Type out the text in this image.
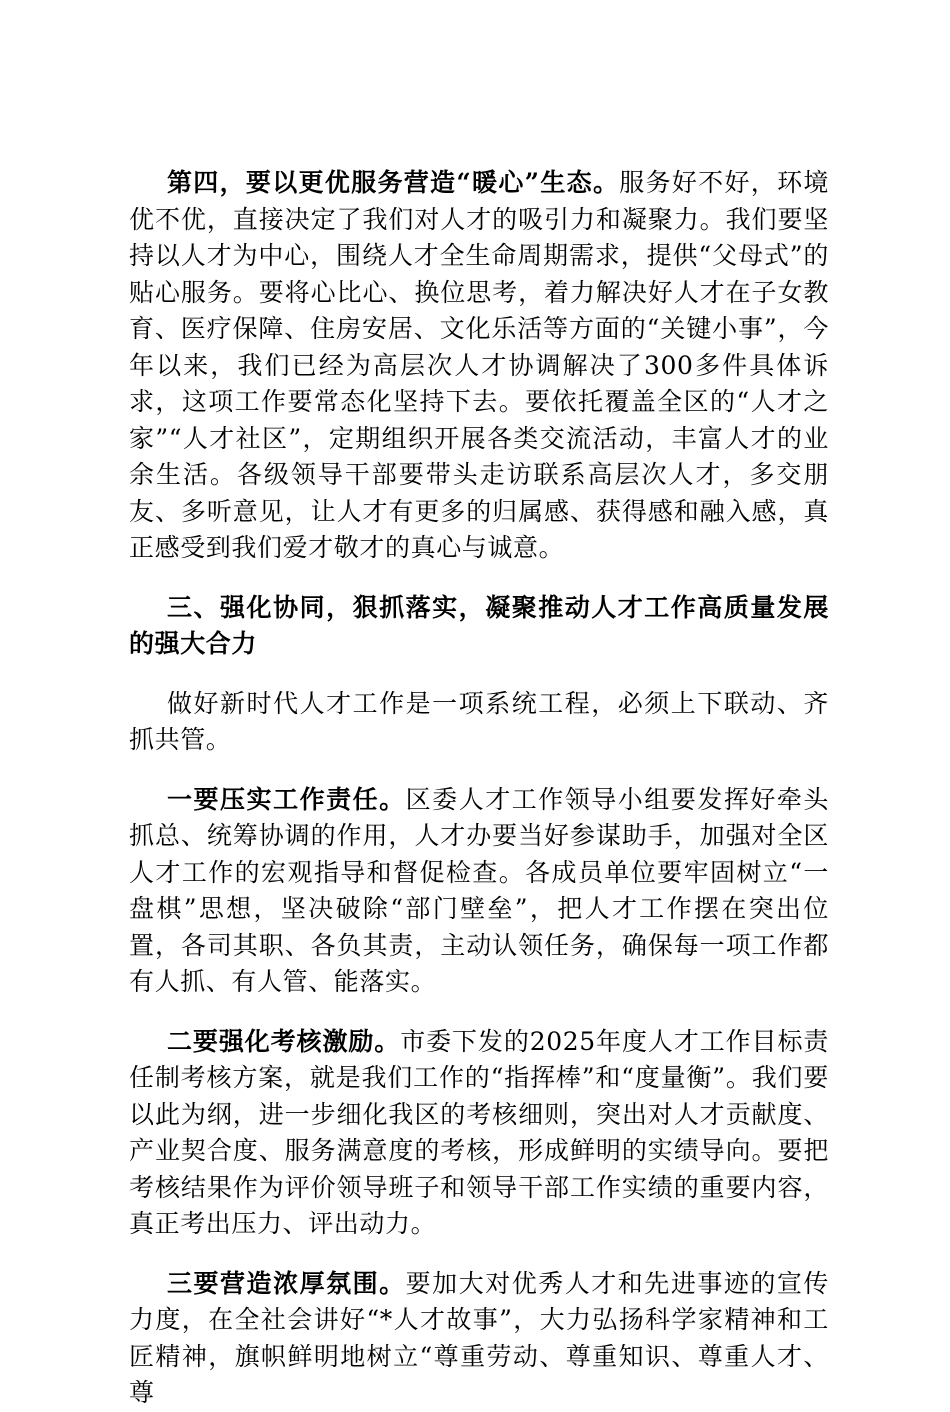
第四，要以更优服务营造“暖心”生态。服务好不好，环境优不优，直接决定了我们对人才的吸引力和凝聚力。我们要坚持以人才为中心，围绕人才全生命周期需求，提供“父母式”的贴心服务。要将心比心、换位思考，着力解决好人才在子女教育、医疗保障、住房安居、文化乐活等方面的“关键小事”，今年以来，我们已经为高层次人才协调解决了300多件具体诉求，这项工作要常态化坚持下去。要依托覆盖全区的“人才之家”“人才社区”，定期组织开展各类交流活动，丰富人才的业余生活。各级领导干部要带头走访联系高层次人才，多交朋友、多听意见，让人才有更多的归属感、获得感和融入感，真正感受到我们爱才敬才的真心与诚意。

三、强化协同，狠抓落实，凝聚推动人才工作高质量发展的强大合力

做好新时代人才工作是一项系统工程，必须上下联动、齐抓共管。

一要压实工作责任。区委人才工作领导小组要发挥好牵头抓总、统筹协调的作用，人才办要当好参谋助手，加强对全区人才工作的宏观指导和督促检查。各成员单位要牢固树立“一盘棋”思想，坚决破除“部门壁垒”，把人才工作摆在突出位置，各司其职、各负其责，主动认领任务，确保每一项工作都有人抓、有人管、能落实。

二要强化考核激励。市委下发的2025年度人才工作目标责任制考核方案，就是我们工作的“指挥棒”和“度量衡”。我们要以此为纲，进一步细化我区的考核细则，突出对人才贡献度、产业契合度、服务满意度的考核，形成鲜明的实绩导向。要把考核结果作为评价领导班子和领导干部工作实绩的重要内容，真正考出压力、评出动力。

三要营造浓厚氛围。要加大对优秀人才和先进事迹的宣传力度，在全社会讲好“*人才故事”，大力弘扬科学家精神和工匠精神，旗帜鲜明地树立“尊重劳动、尊重知识、尊重人才、尊
